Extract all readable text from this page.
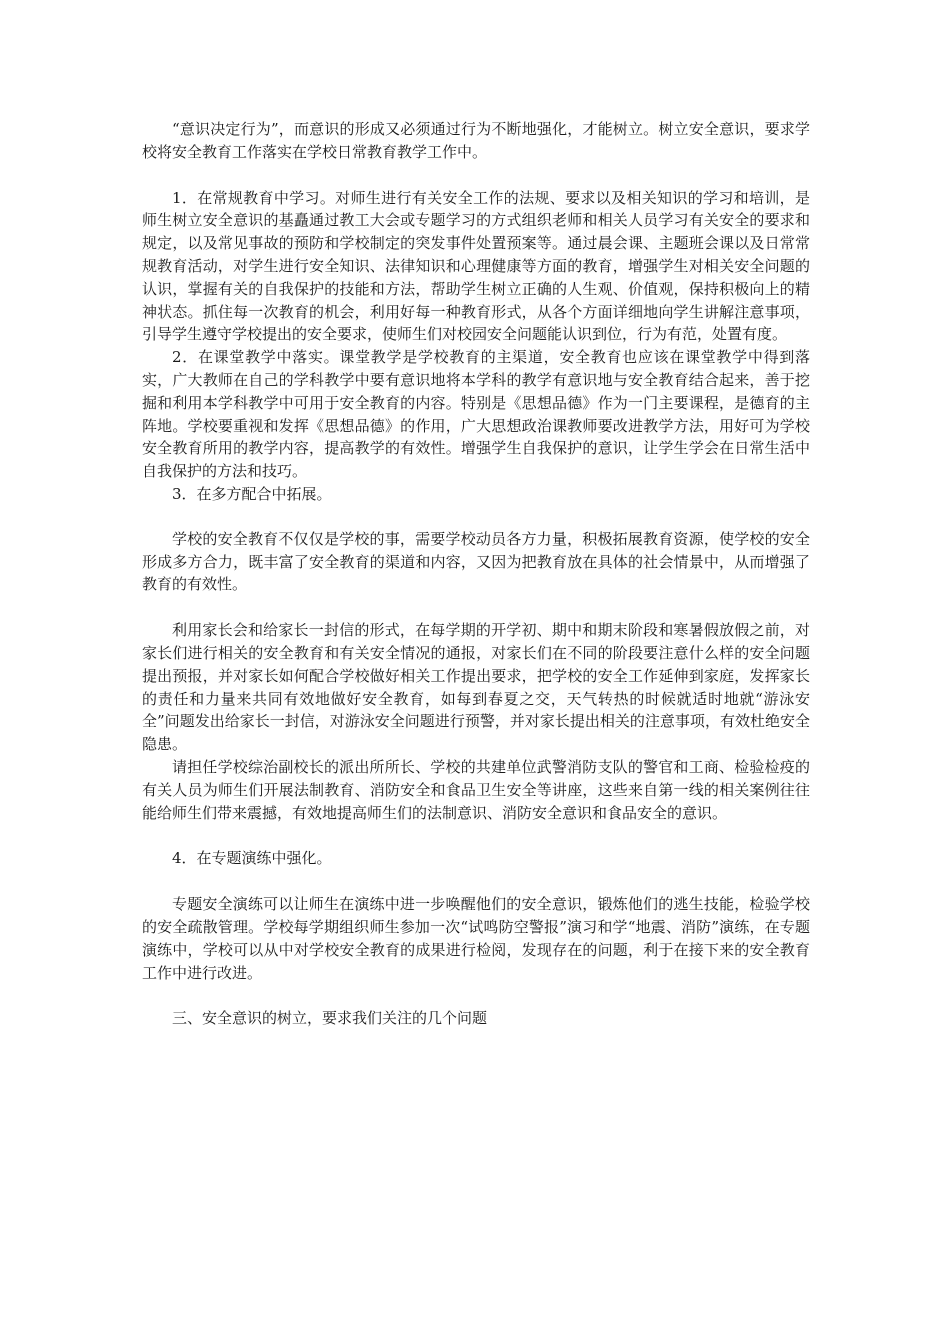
“意识决定行为”，而意识的形成又必须通过行为不断地强化，才能树立。树立安全意识，要求学校将安全教育工作落实在学校日常教育教学工作中。

1．在常规教育中学习。对师生进行有关安全工作的法规、要求以及相关知识的学习和培训，是师生树立安全意识的基矗通过教工大会或专题学习的方式组织老师和相关人员学习有关安全的要求和规定，以及常见事故的预防和学校制定的突发事件处置预案等。通过晨会课、主题班会课以及日常常规教育活动，对学生进行安全知识、法律知识和心理健康等方面的教育，增强学生对相关安全问题的认识，掌握有关的自我保护的技能和方法，帮助学生树立正确的人生观、价值观，保持积极向上的精神状态。抓住每一次教育的机会，利用好每一种教育形式，从各个方面详细地向学生讲解注意事项，引导学生遵守学校提出的安全要求，使师生们对校园安全问题能认识到位，行为有范，处置有度。

2．在课堂教学中落实。课堂教学是学校教育的主渠道，安全教育也应该在课堂教学中得到落实，广大教师在自己的学科教学中要有意识地将本学科的教学有意识地与安全教育结合起来，善于挖掘和利用本学科教学中可用于安全教育的内容。特别是《思想品德》作为一门主要课程，是德育的主阵地。学校要重视和发挥《思想品德》的作用，广大思想政治课教师要改进教学方法，用好可为学校安全教育所用的教学内容，提高教学的有效性。增强学生自我保护的意识，让学生学会在日常生活中自我保护的方法和技巧。

3．在多方配合中拓展。

学校的安全教育不仅仅是学校的事，需要学校动员各方力量，积极拓展教育资源，使学校的安全形成多方合力，既丰富了安全教育的渠道和内容，又因为把教育放在具体的社会情景中，从而增强了教育的有效性。

利用家长会和给家长一封信的形式，在每学期的开学初、期中和期末阶段和寒暑假放假之前，对家长们进行相关的安全教育和有关安全情况的通报，对家长们在不同的阶段要注意什么样的安全问题提出预报，并对家长如何配合学校做好相关工作提出要求，把学校的安全工作延伸到家庭，发挥家长的责任和力量来共同有效地做好安全教育，如每到春夏之交，天气转热的时候就适时地就“游泳安全”问题发出给家长一封信，对游泳安全问题进行预警，并对家长提出相关的注意事项，有效杜绝安全隐患。

请担任学校综治副校长的派出所所长、学校的共建单位武警消防支队的警官和工商、检验检疫的有关人员为师生们开展法制教育、消防安全和食品卫生安全等讲座，这些来自第一线的相关案例往往能给师生们带来震撼，有效地提高师生们的法制意识、消防安全意识和食品安全的意识。

4．在专题演练中强化。

专题安全演练可以让师生在演练中进一步唤醒他们的安全意识，锻炼他们的逃生技能，检验学校的安全疏散管理。学校每学期组织师生参加一次“试鸣防空警报”演习和学“地震、消防”演练，在专题演练中，学校可以从中对学校安全教育的成果进行检阅，发现存在的问题，利于在接下来的安全教育工作中进行改进。

三、安全意识的树立，要求我们关注的几个问题
